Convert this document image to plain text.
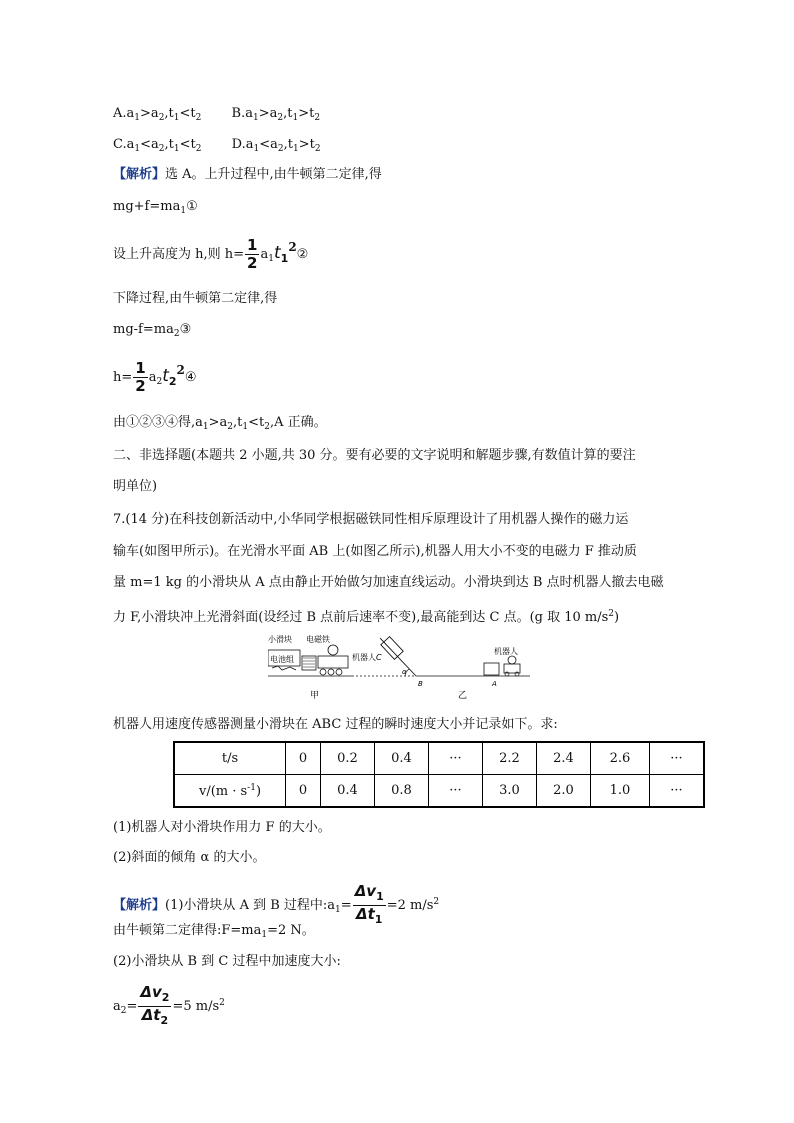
$A.a_1>a_2,t_1<t_2$ $B.a_1>a_2,t_1>t_2$
$C.a_1<a_2,t_1<t_2$ $D.a_1<a_2,t_1>t_2$
【解析】选 A。上升过程中,由牛顿第二定律,得
$mg+f=ma_1①$
设上升高度为 h,则 $h= \frac{1}{2}$ $a_1t_12②$
下降过程,由牛顿第二定律,得
$mg-f=ma_2③$
$h= \frac{1}{2}$ $a_2t_22④$
由①②③④得$,a_1>a_2,t_1<t_2,A$ 正确。
二、非选择题(本题共 2 小题,共 30 分。要有必要的文字说明和解题步骤,有数值计算的要注
明单位)
7.(14 分)在科技创新活动中,小华同学根据磁铁同性相斥原理设计了用机器人操作的磁力运
输车(如图甲所示)。在光滑水平面 AB 上(如图乙所示),机器人用大小不变的电磁力 F 推动质
量 m=1 kg 的小滑块从 A 点由静止开始做匀加速直线运动。小滑块到达 B 点时机器人撤去电磁
力 F,小滑块冲上光滑斜面(设经过 B 点前后速率不变),最高能到达 C 点。(g 取 10 $m/s^2$)
小滑块 电磁铁
电池组
甲
机器人 C
α
B	A
机器人
乙
机器人用速度传感器测量小滑块在 ABC 过程的瞬时速度大小并记录如下。求:
t/s	0	0.2	0.4	···	2.2	2.4	2.6	···
$v/(m \cdot s^{-1})$	0	0.4	0.8	···	3.0	2.0	1.0	···
(1)机器人对小滑块作用力 F 的大小。
(2)斜面的倾角 α 的大小。
【解析】(1)小滑块从 A 到 B 过程中$:a_1= \frac{\Delta v_1}{\Delta t_1} =2$ $m/s^2$
由牛顿第二定律得$:F=ma_1=2$ N。
(2)小滑块从 B 到 C 过程中加速度大小:
$a_2= \frac{\Delta v_2}{\Delta t_2} =5$ $m/s^2$
